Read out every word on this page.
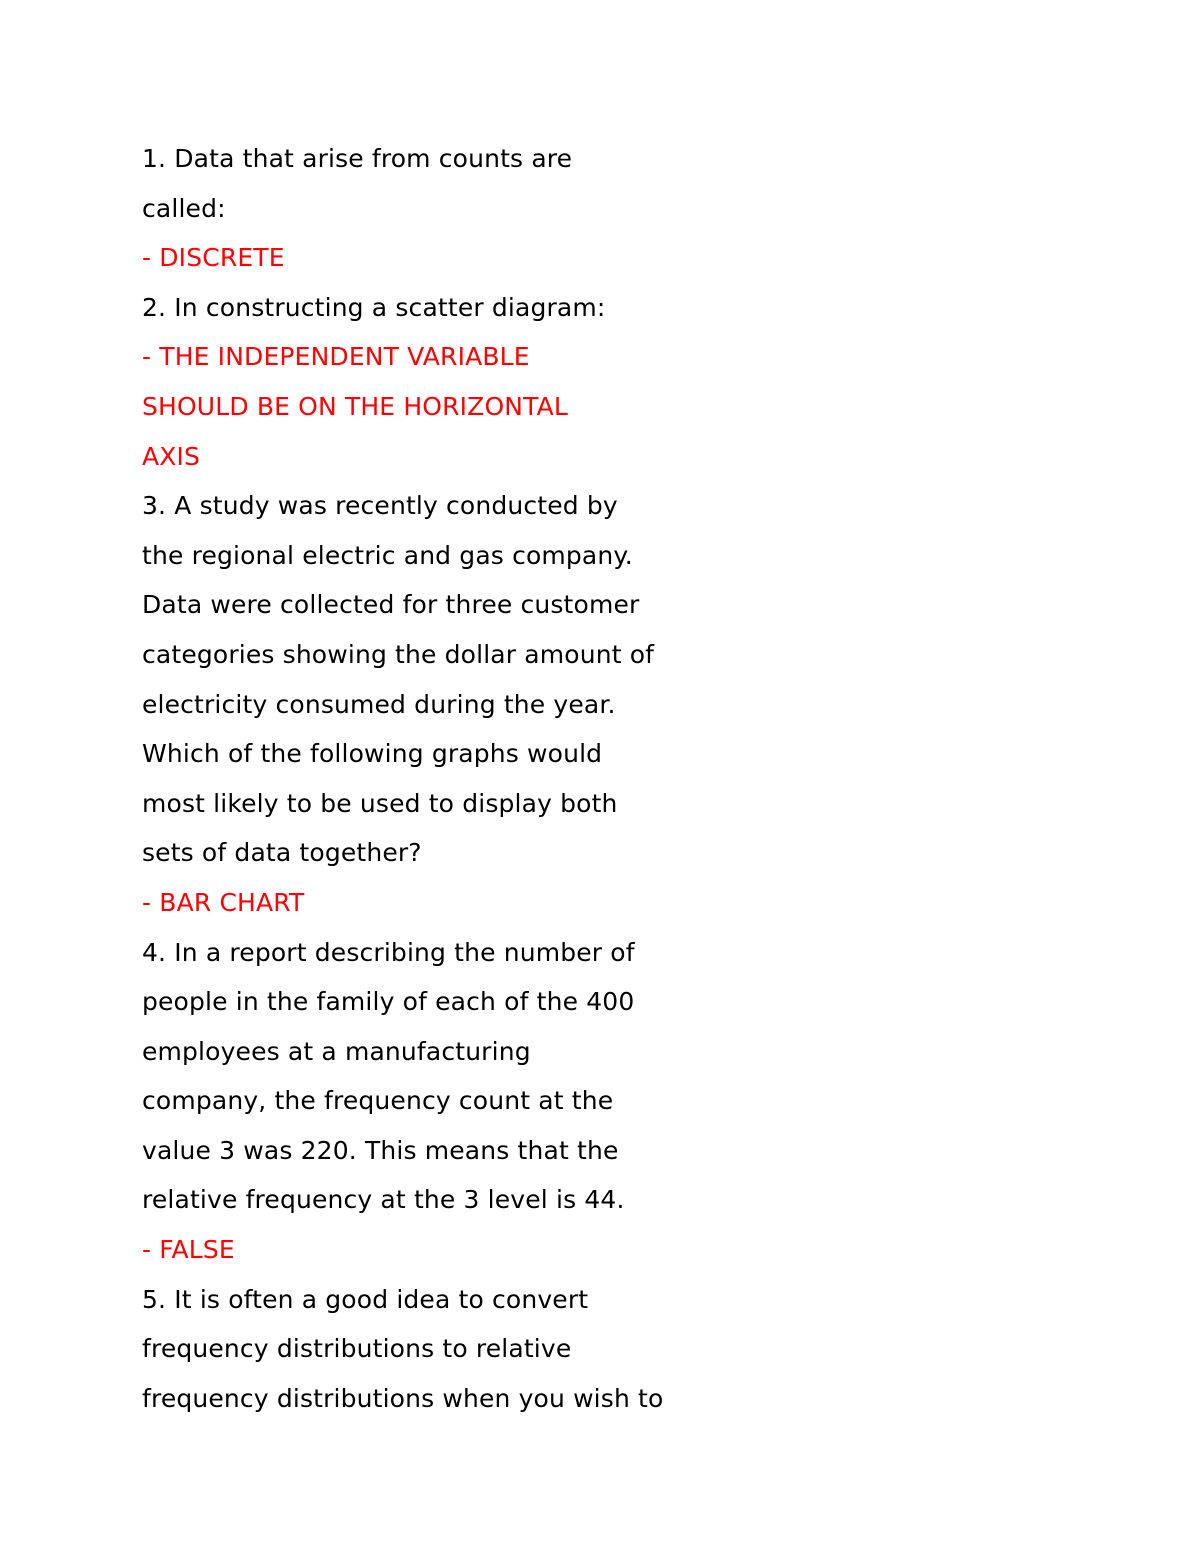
1. Data that arise from counts are
called:
- DISCRETE
2. In constructing a scatter diagram:
- THE INDEPENDENT VARIABLE
SHOULD BE ON THE HORIZONTAL
AXIS
3. A study was recently conducted by
the regional electric and gas company.
Data were collected for three customer
categories showing the dollar amount of
electricity consumed during the year.
Which of the following graphs would
most likely to be used to display both
sets of data together?
- BAR CHART
4. In a report describing the number of
people in the family of each of the 400
employees at a manufacturing
company, the frequency count at the
value 3 was 220. This means that the
relative frequency at the 3 level is 44.
- FALSE
5. It is often a good idea to convert
frequency distributions to relative
frequency distributions when you wish to
